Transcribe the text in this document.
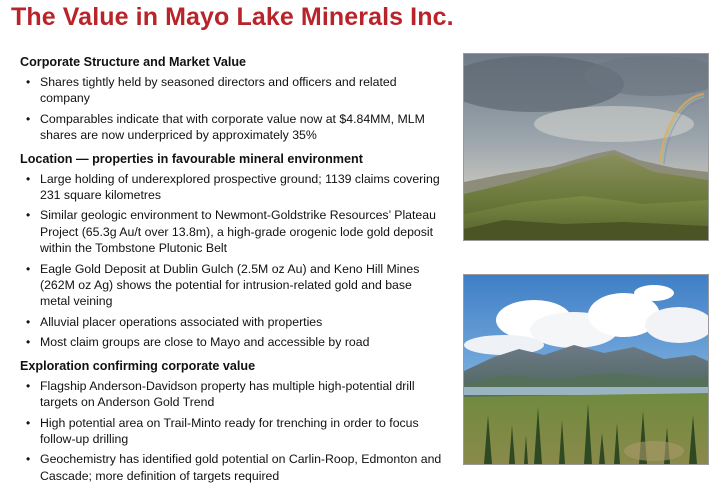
The Value in Mayo Lake Minerals Inc.
Corporate Structure and Market Value
• Shares tightly held by seasoned directors and officers and related company
• Comparables indicate that with corporate value now at $4.84MM, MLM shares are now underpriced by approximately 35%
Location — properties in favourable mineral environment
• Large holding of underexplored prospective ground; 1139 claims covering 231 square kilometres
• Similar geologic environment to Newmont-Goldstrike Resources’ Plateau Project (65.3g Au/t over 13.8m), a high-grade orogenic lode gold deposit within the Tombstone Plutonic Belt
• Eagle Gold Deposit at Dublin Gulch (2.5M oz Au) and Keno Hill Mines (262M oz Ag) shows the potential for intrusion-related gold and base metal veining
• Alluvial placer operations associated with properties
• Most claim groups are close to Mayo and accessible by road
Exploration confirming corporate value
• Flagship Anderson-Davidson property has multiple high-potential drill targets on Anderson Gold Trend
• High potential area on Trail-Minto ready for trenching in order to focus follow-up drilling
• Geochemistry has identified gold potential on Carlin-Roop, Edmonton and Cascade; more definition of targets required
